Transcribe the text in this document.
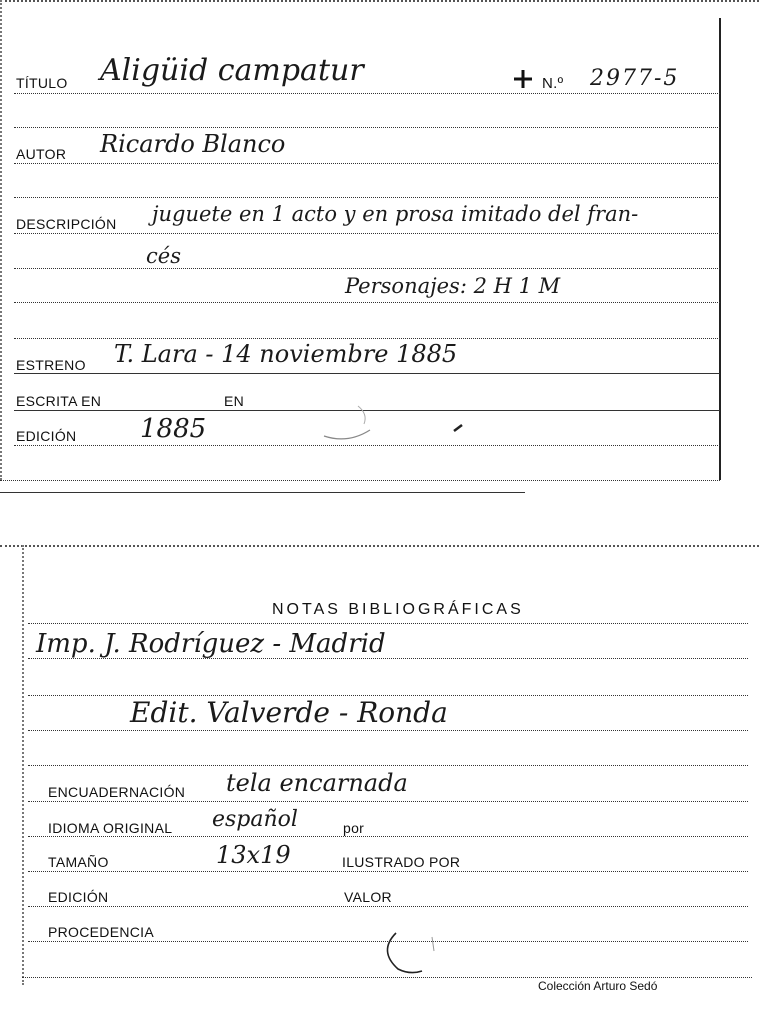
TÍTULO Aligüid campatur	N.º 2977-5
AUTOR Ricardo Blanco
DESCRIPCIÓN juguete en 1 acto y en prosa imitado del fran-
cés
Personajes: 2 H 1 M
ESTRENO T. Lara - 14 noviembre 1885
ESCRITA EN	EN
EDICIÓN 1885
NOTAS BIBLIOGRÁFICAS
Imp. J. Rodríguez - Madrid
Edit. Valverde - Ronda
ENCUADERNACIÓN tela encarnada
IDIOMA ORIGINAL español	por
TAMAÑO	13x19	ILUSTRADO POR
EDICIÓN	VALOR
PROCEDENCIA
Colección Arturo Sedó
